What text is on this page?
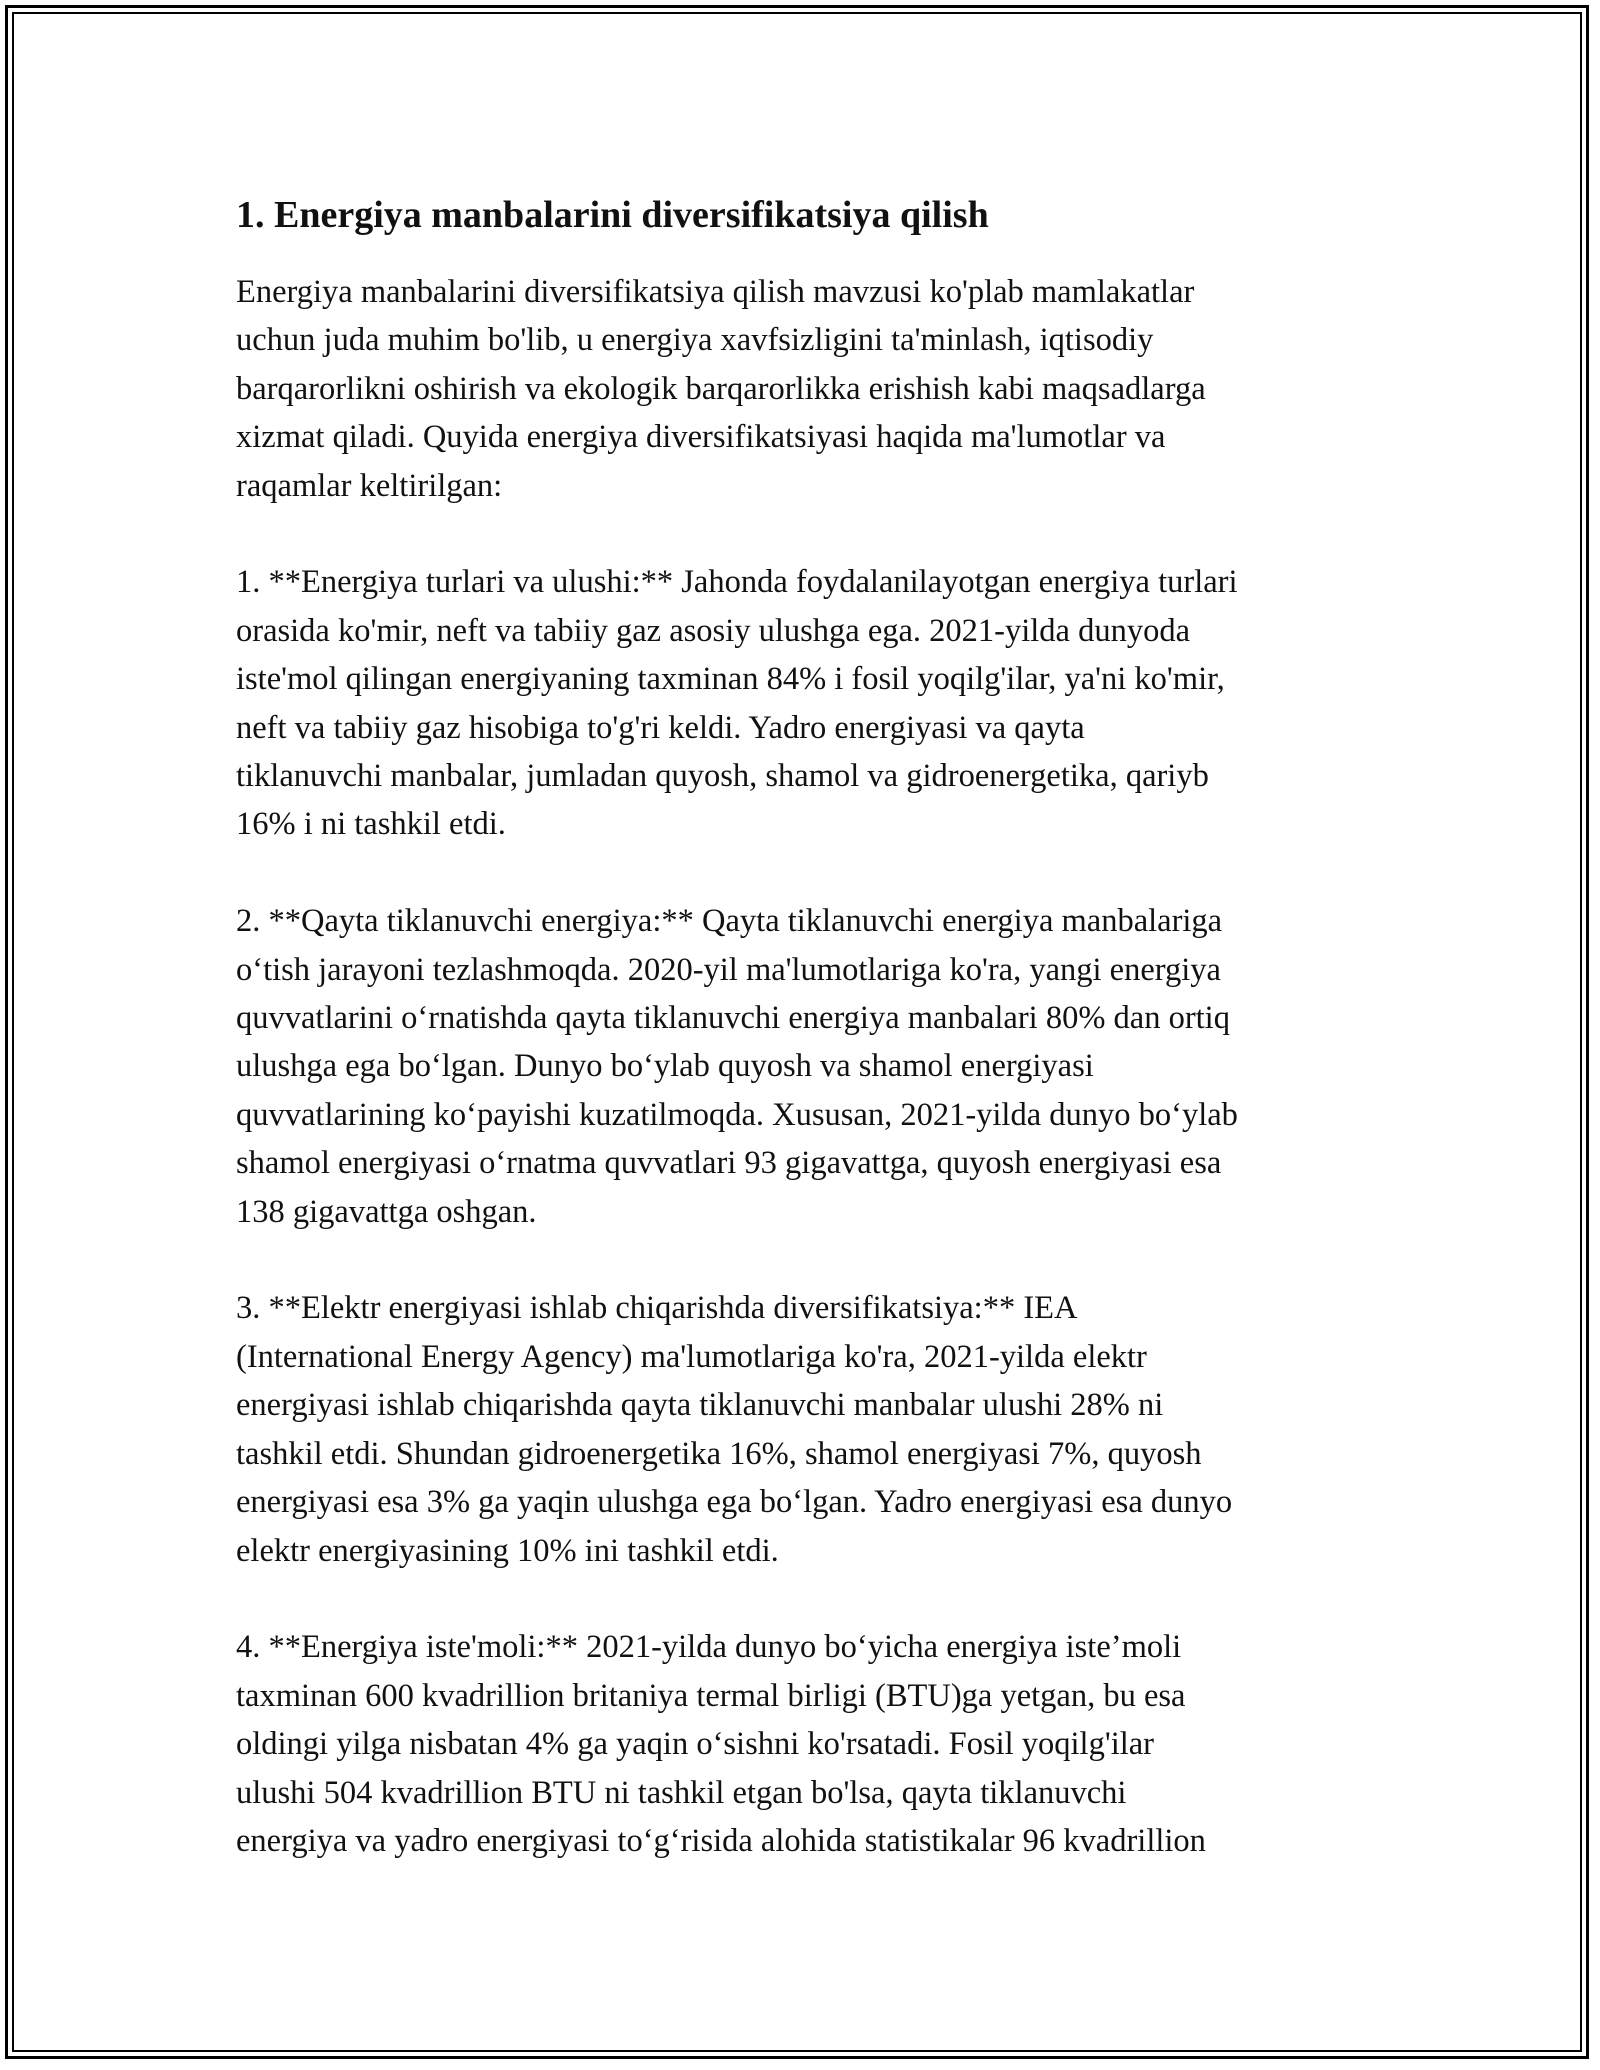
1. Energiya manbalarini diversifikatsiya qilish

Energiya manbalarini diversifikatsiya qilish mavzusi ko'plab mamlakatlar
uchun juda muhim bo'lib, u energiya xavfsizligini ta'minlash, iqtisodiy
barqarorlikni oshirish va ekologik barqarorlikka erishish kabi maqsadlarga
xizmat qiladi. Quyida energiya diversifikatsiyasi haqida ma'lumotlar va
raqamlar keltirilgan:

1. **Energiya turlari va ulushi:** Jahonda foydalanilayotgan energiya turlari
orasida ko'mir, neft va tabiiy gaz asosiy ulushga ega. 2021-yilda dunyoda
iste'mol qilingan energiyaning taxminan 84% i fosil yoqilg'ilar, ya'ni ko'mir,
neft va tabiiy gaz hisobiga to'g'ri keldi. Yadro energiyasi va qayta
tiklanuvchi manbalar, jumladan quyosh, shamol va gidroenergetika, qariyb
16% i ni tashkil etdi.

2. **Qayta tiklanuvchi energiya:** Qayta tiklanuvchi energiya manbalariga
oʻtish jarayoni tezlashmoqda. 2020-yil ma'lumotlariga ko'ra, yangi energiya
quvvatlarini oʻrnatishda qayta tiklanuvchi energiya manbalari 80% dan ortiq
ulushga ega boʻlgan. Dunyo boʻylab quyosh va shamol energiyasi
quvvatlarining koʻpayishi kuzatilmoqda. Xususan, 2021-yilda dunyo boʻylab
shamol energiyasi oʻrnatma quvvatlari 93 gigavattga, quyosh energiyasi esa
138 gigavattga oshgan.

3. **Elektr energiyasi ishlab chiqarishda diversifikatsiya:** IEA
(International Energy Agency) ma'lumotlariga ko'ra, 2021-yilda elektr
energiyasi ishlab chiqarishda qayta tiklanuvchi manbalar ulushi 28% ni
tashkil etdi. Shundan gidroenergetika 16%, shamol energiyasi 7%, quyosh
energiyasi esa 3% ga yaqin ulushga ega boʻlgan. Yadro energiyasi esa dunyo
elektr energiyasining 10% ini tashkil etdi.

4. **Energiya iste'moli:** 2021-yilda dunyo boʻyicha energiya iste’moli
taxminan 600 kvadrillion britaniya termal birligi (BTU)ga yetgan, bu esa
oldingi yilga nisbatan 4% ga yaqin oʻsishni ko'rsatadi. Fosil yoqilg'ilar
ulushi 504 kvadrillion BTU ni tashkil etgan bo'lsa, qayta tiklanuvchi
energiya va yadro energiyasi toʻgʻrisida alohida statistikalar 96 kvadrillion
